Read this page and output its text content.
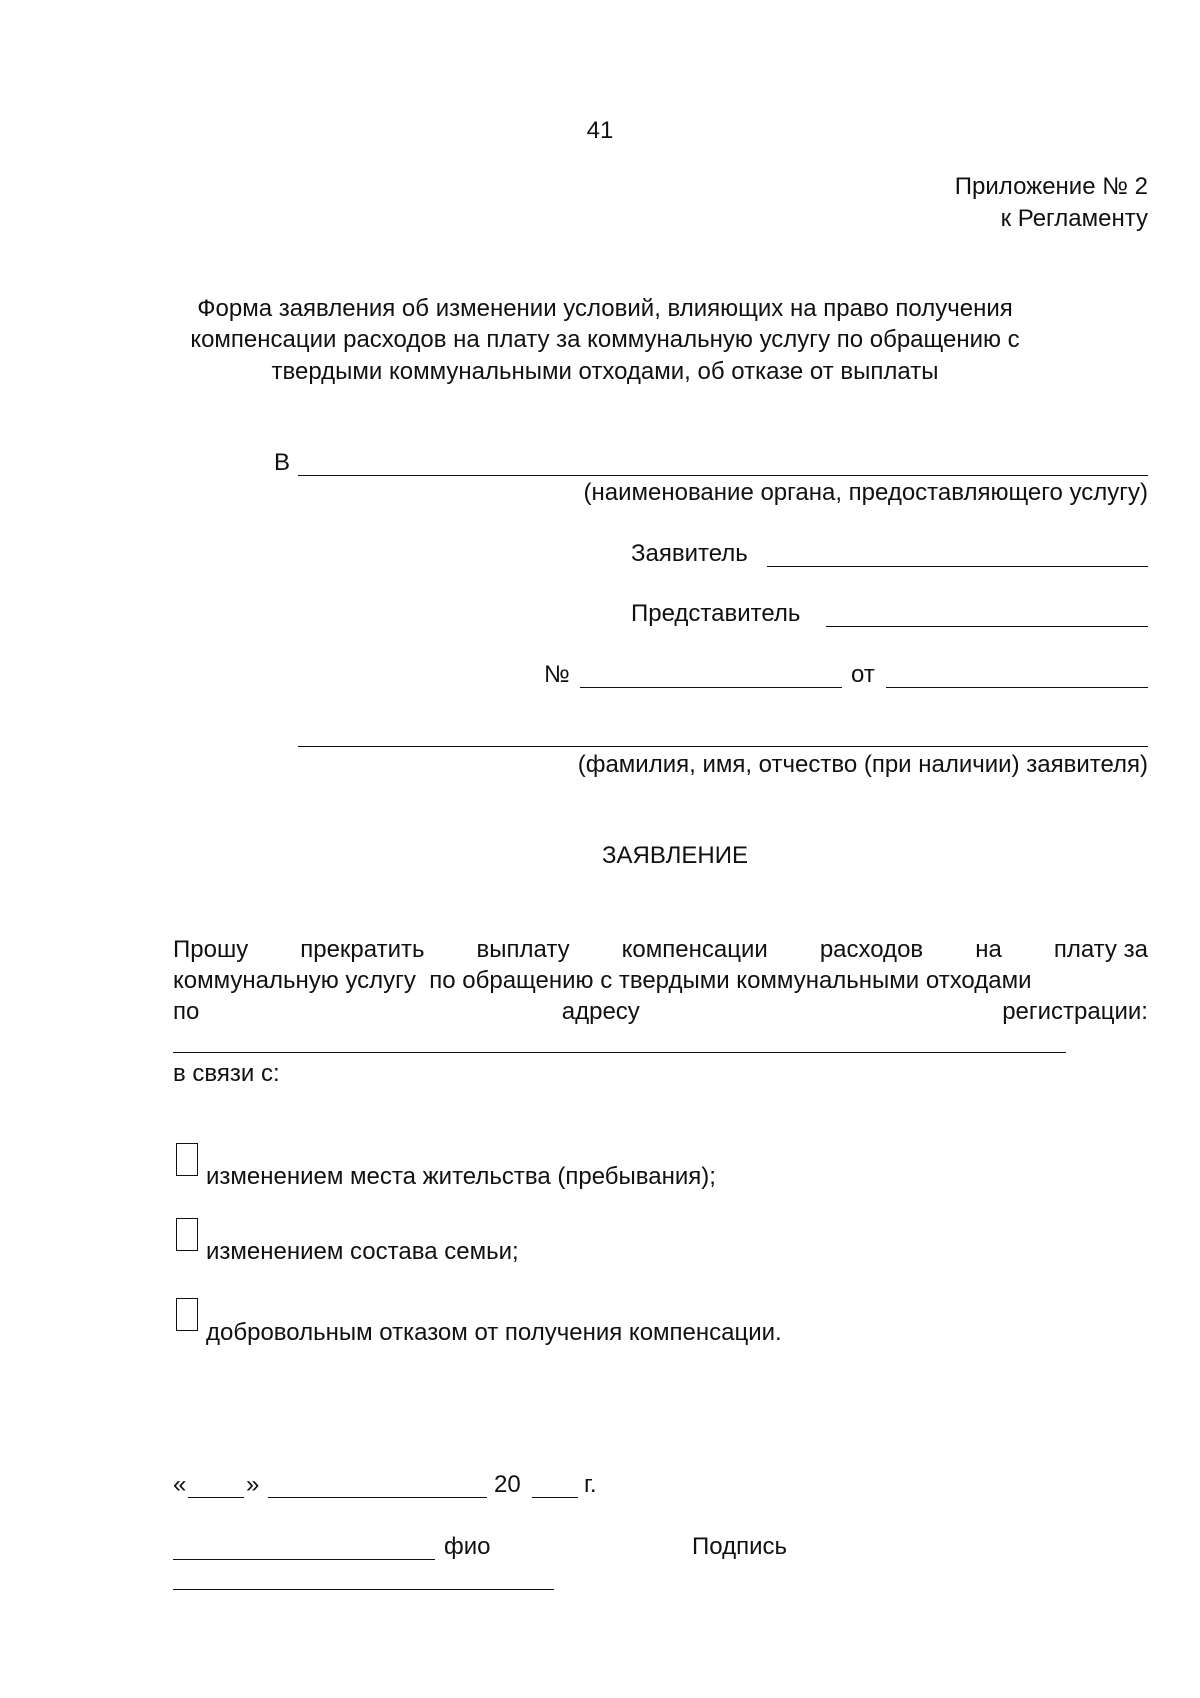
41
Приложение № 2
к Регламенту
Форма заявления об изменении условий, влияющих на право получения
компенсации расходов на плату за коммунальную услугу по обращению с
твердыми коммунальными отходами, об отказе от выплаты
В
(наименование органа, предоставляющего услугу)
Заявитель
Представитель
№	от
(фамилия, имя, отчество (при наличии) заявителя)
ЗАЯВЛЕНИЕ
Прошу прекратить выплату компенсации расходов на плату за
коммунальную услугу  по обращению с твердыми коммунальными отходами
по	адресу	регистрации:
в связи с:
изменением места жительства (пребывания);
изменением состава семьи;
добровольным отказом от получения компенсации.
« »	20	г.
фио	Подпись
